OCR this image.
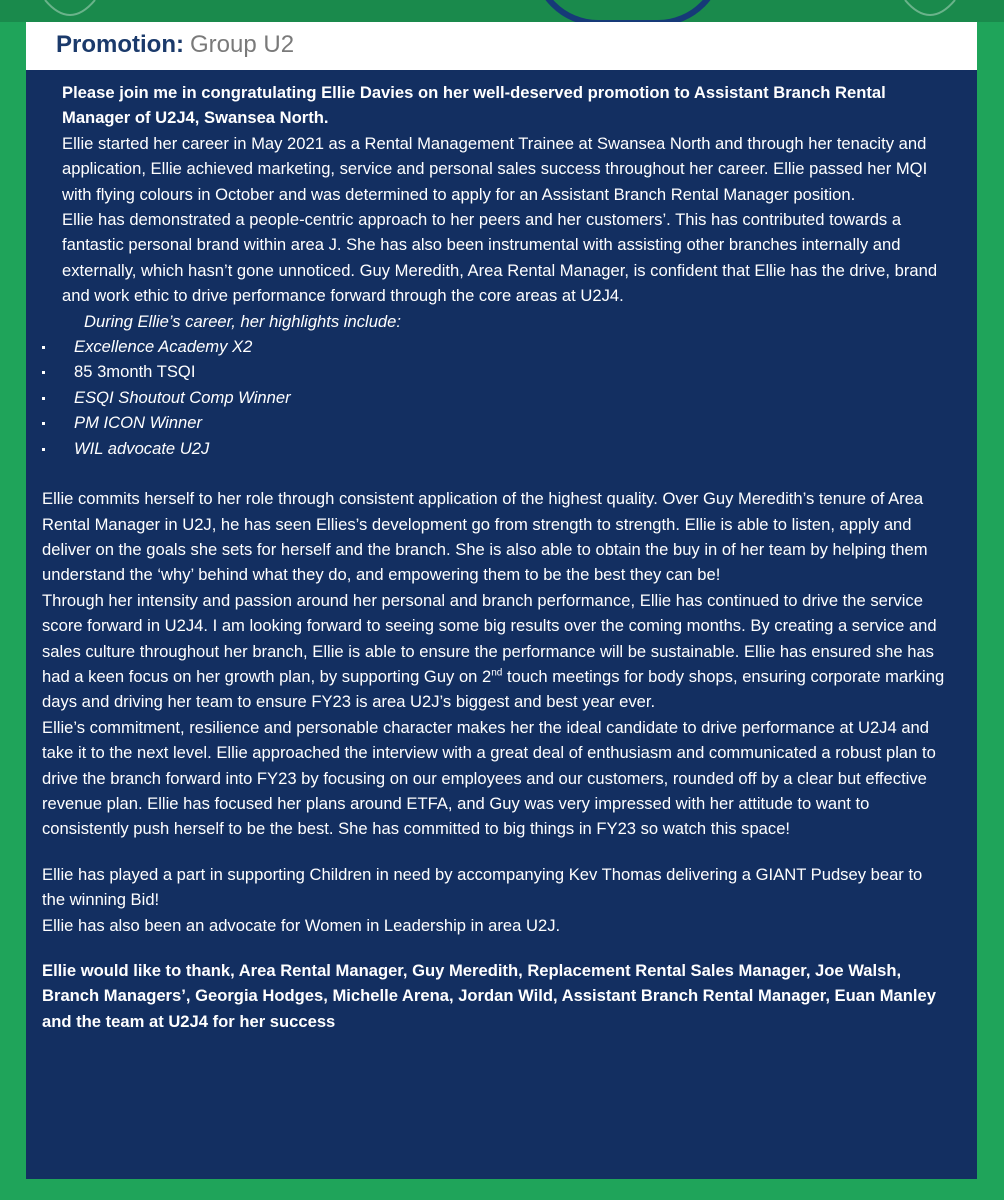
Promotion: Group U2

Please join me in congratulating Ellie Davies on her well-deserved promotion to Assistant Branch Rental Manager of U2J4, Swansea North.

Ellie started her career in May 2021 as a Rental Management Trainee at Swansea North and through her tenacity and application, Ellie achieved marketing, service and personal sales success throughout her career. Ellie passed her MQI with flying colours in October and was determined to apply for an Assistant Branch Rental Manager position.

Ellie has demonstrated a people-centric approach to her peers and her customers’. This has contributed towards a fantastic personal brand within area J. She has also been instrumental with assisting other branches internally and externally, which hasn’t gone unnoticed. Guy Meredith, Area Rental Manager, is confident that Ellie has the drive, brand and work ethic to drive performance forward through the core areas at U2J4.

During Ellie’s career, her highlights include:

Excellence Academy X2
85 3month TSQI
ESQI Shoutout Comp Winner
PM ICON Winner
WIL advocate U2J

Ellie commits herself to her role through consistent application of the highest quality. Over Guy Meredith’s tenure of Area Rental Manager in U2J, he has seen Ellies’s development go from strength to strength. Ellie is able to listen, apply and deliver on the goals she sets for herself and the branch. She is also able to obtain the buy in of her team by helping them understand the ‘why’ behind what they do, and empowering them to be the best they can be!

Through her intensity and passion around her personal and branch performance, Ellie has continued to drive the service score forward in U2J4. I am looking forward to seeing some big results over the coming months. By creating a service and sales culture throughout her branch, Ellie is able to ensure the performance will be sustainable. Ellie has ensured she has had a keen focus on her growth plan, by supporting Guy on 2nd touch meetings for body shops, ensuring corporate marking days and driving her team to ensure FY23 is area U2J’s biggest and best year ever.

Ellie’s commitment, resilience and personable character makes her the ideal candidate to drive performance at U2J4 and take it to the next level. Ellie approached the interview with a great deal of enthusiasm and communicated a robust plan to drive the branch forward into FY23 by focusing on our employees and our customers, rounded off by a clear but effective revenue plan. Ellie has focused her plans around ETFA, and Guy was very impressed with her attitude to want to consistently push herself to be the best. She has committed to big things in FY23 so watch this space!

Ellie has played a part in supporting Children in need by accompanying Kev Thomas delivering a GIANT Pudsey bear to the winning Bid!

Ellie has also been an advocate for Women in Leadership in area U2J.

Ellie would like to thank, Area Rental Manager, Guy Meredith, Replacement Rental Sales Manager, Joe Walsh, Branch Managers’, Georgia Hodges, Michelle Arena, Jordan Wild, Assistant Branch Rental Manager, Euan Manley and the team at U2J4 for her success
